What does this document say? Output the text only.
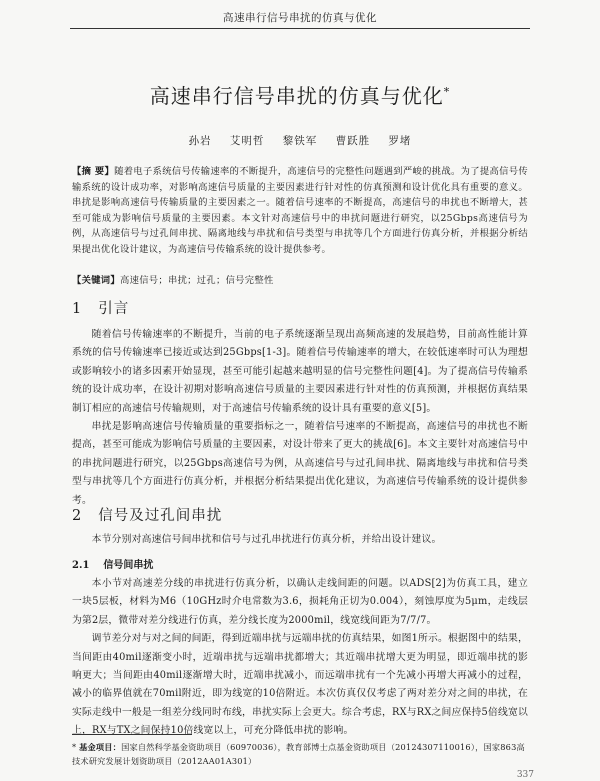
高速串行信号串扰的仿真与优化
高速串行信号串扰的仿真与优化*
孙岩 艾明哲 黎铁军 曹跃胜 罗堵
【摘 要】随着电子系统信号传输速率的不断提升，高速信号的完整性问题遇到严峻的挑战。为了提高信号传输系统的设计成功率，对影响高速信号质量的主要因素进行针对性的仿真预测和设计优化具有重要的意义。串扰是影响高速信号传输质量的主要因素之一。随着信号速率的不断提高，高速信号的串扰也不断增大，甚至可能成为影响信号质量的主要因素。本文针对高速信号中的串扰问题进行研究，以25Gbps高速信号为例，从高速信号与过孔间串扰、隔离地线与串扰和信号类型与串扰等几个方面进行仿真分析，并根据分析结果提出优化设计建议，为高速信号传输系统的设计提供参考。
【关键词】高速信号；串扰；过孔；信号完整性
1 引言

随着信号传输速率的不断提升，当前的电子系统逐渐呈现出高频高速的发展趋势，目前高性能计算系统的信号传输速率已接近或达到25Gbps[1-3]。随着信号传输速率的增大，在较低速率时可认为理想或影响较小的诸多因素开始显现，甚至可能引起越来越明显的信号完整性问题[4]。为了提高信号传输系统的设计成功率，在设计初期对影响高速信号质量的主要因素进行针对性的仿真预测，并根据仿真结果制订相应的高速信号传输规则，对于高速信号传输系统的设计具有重要的意义[5]。

串扰是影响高速信号传输质量的重要指标之一，随着信号速率的不断提高，高速信号的串扰也不断提高，甚至可能成为影响信号质量的主要因素，对设计带来了更大的挑战[6]。本文主要针对高速信号中的串扰问题进行研究，以25Gbps高速信号为例，从高速信号与过孔间串扰、隔离地线与串扰和信号类型与串扰等几个方面进行仿真分析，并根据分析结果提出优化建议，为高速信号传输系统的设计提供参考。

2 信号及过孔间串扰

本节分别对高速信号间串扰和信号与过孔串扰进行仿真分析，并给出设计建议。

2.1 信号间串扰

本小节对高速差分线的串扰进行仿真分析，以确认走线间距的问题。以ADS[2]为仿真工具，建立一块5层板，材料为M6（10GHz时介电常数为3.6，损耗角正切为0.004），刻蚀厚度为5μm，走线层为第2层，微带对差分线进行仿真，差分线长度为2000mil，线宽线间距为7/7/7。

调节差分对与对之间的间距，得到近端串扰与远端串扰的仿真结果，如图1所示。根据图中的结果，当间距由40mil逐渐变小时，近端串扰与远端串扰都增大；其近端串扰增大更为明显，即近端串扰的影响更大；当间距由40mil逐渐增大时，近端串扰减小，而远端串扰有一个先减小再增大再减小的过程，减小的临界值就在70mil附近，即为线宽的10倍附近。本次仿真仅仅考虑了两对差分对之间的串扰，在实际走线中一般是一组差分线同时布线，串扰实际上会更大。综合考虑，RX与RX之间应保持5倍线宽以上，RX与TX之间保持10倍线宽以上，可充分降低串扰的影响。

* 基金项目：国家自然科学基金资助项目（60970036），教育部博士点基金资助项目（20124307110016），国家863高技术研究发展计划资助项目（2012AA01A301）
337
